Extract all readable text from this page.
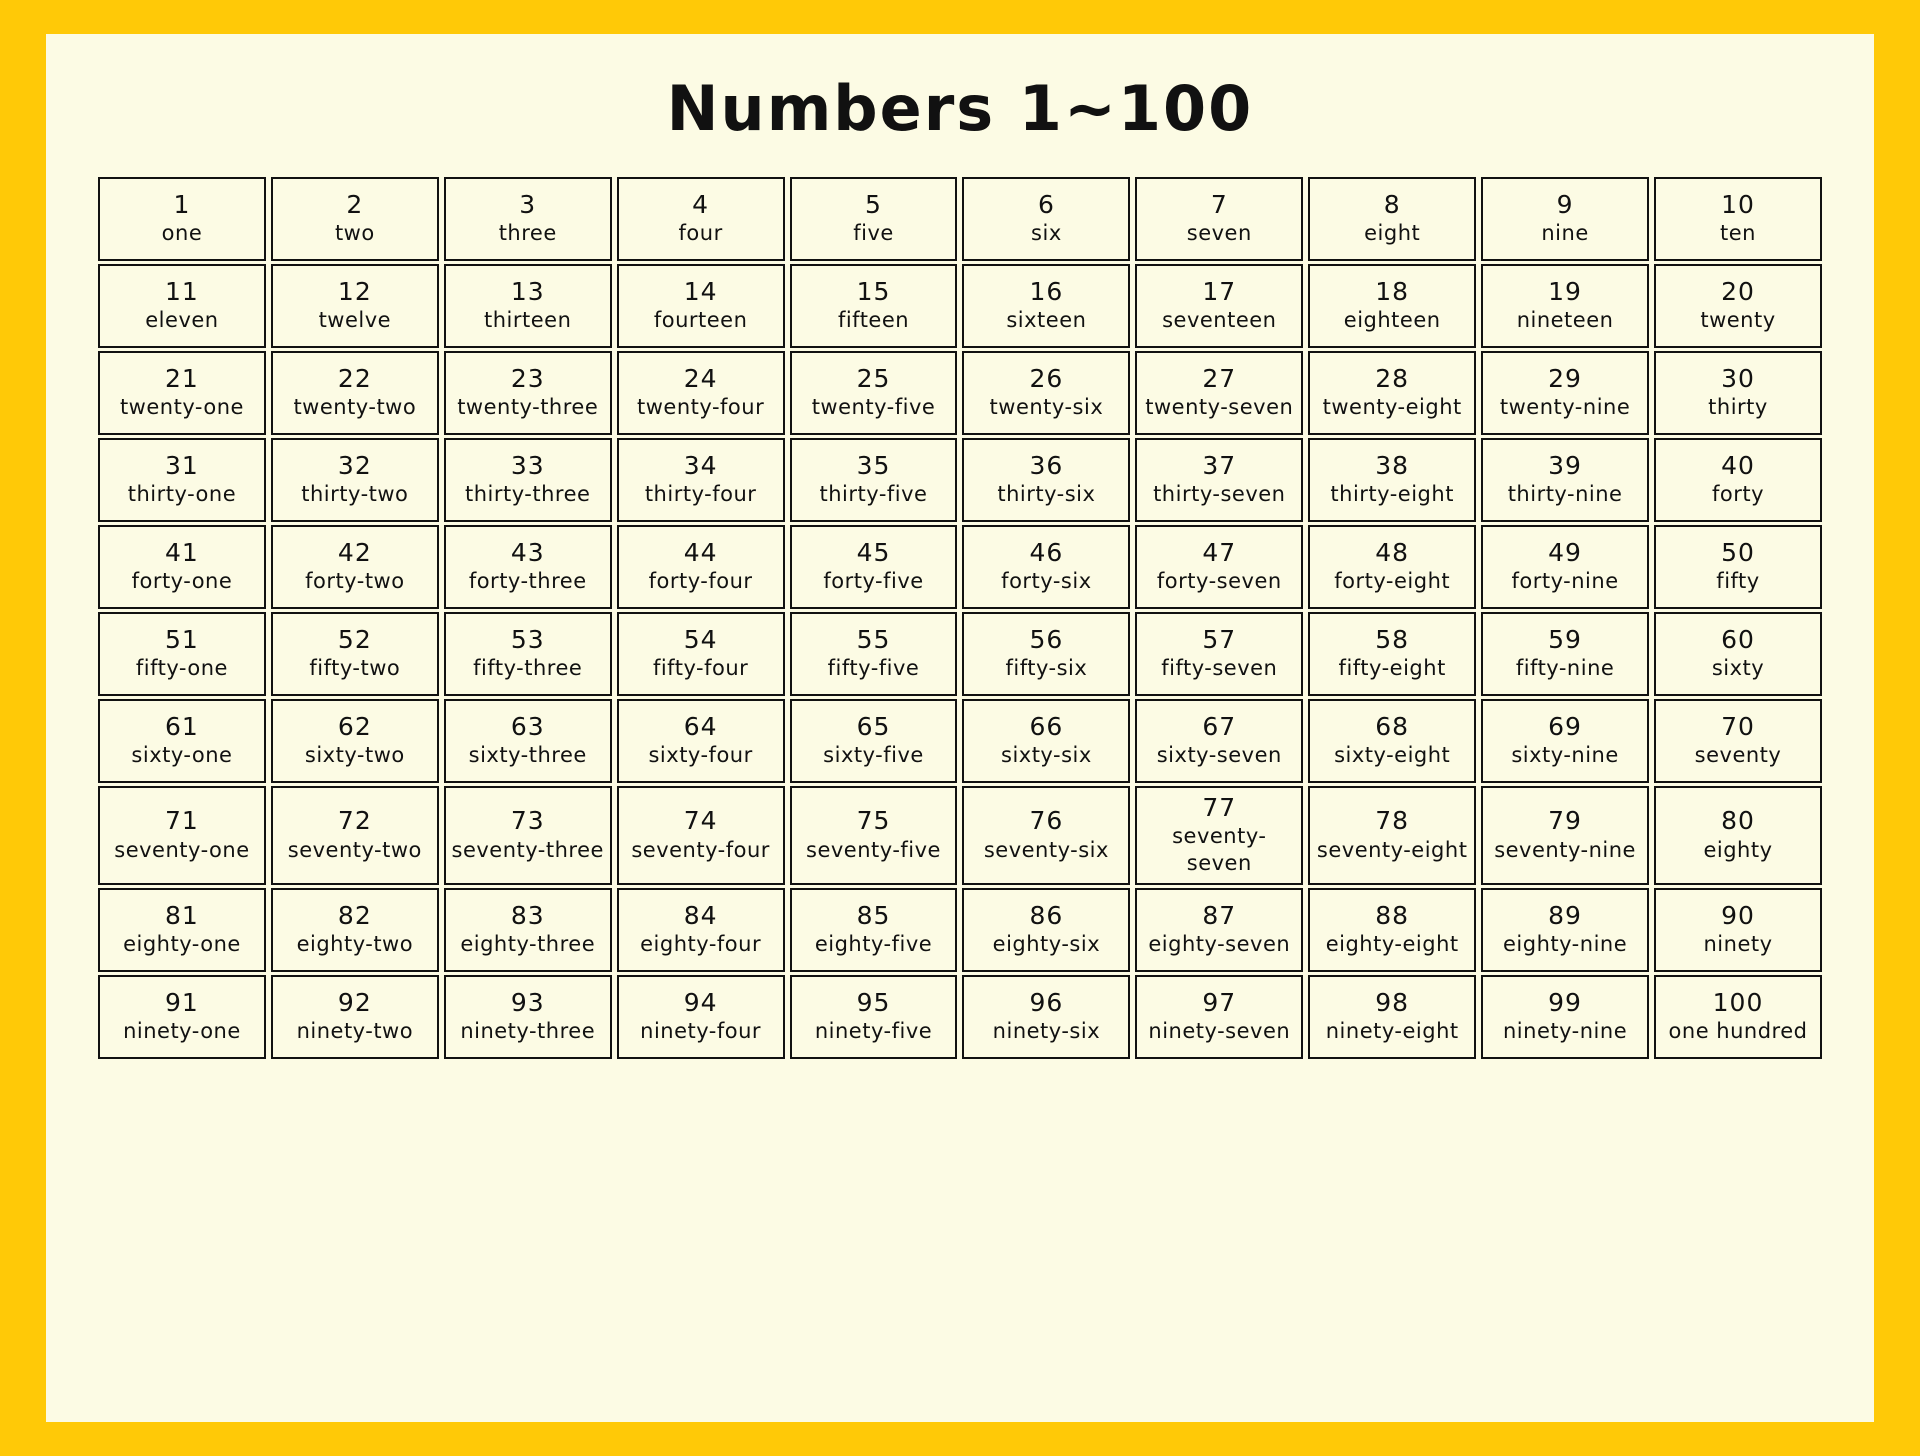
Numbers 1~100
1
one

2
two

3
three

4
four

5
five

6
six

7
seven

8
eight

9
nine

10
ten

11
eleven

12
twelve

13
thirteen

14
fourteen

15
fifteen

16
sixteen

17
seventeen

18
eighteen

19
nineteen

20
twenty

21
twenty-one

22
twenty-two

23
twenty-three

24
twenty-four

25
twenty-five

26
twenty-six

27
twenty-seven

28
twenty-eight

29
twenty-nine

30
thirty

31
thirty-one

32
thirty-two

33
thirty-three

34
thirty-four

35
thirty-five

36
thirty-six

37
thirty-seven

38
thirty-eight

39
thirty-nine

40
forty

41
forty-one

42
forty-two

43
forty-three

44
forty-four

45
forty-five

46
forty-six

47
forty-seven

48
forty-eight

49
forty-nine

50
fifty

51
fifty-one

52
fifty-two

53
fifty-three

54
fifty-four

55
fifty-five

56
fifty-six

57
fifty-seven

58
fifty-eight

59
fifty-nine

60
sixty

61
sixty-one

62
sixty-two

63
sixty-three

64
sixty-four

65
sixty-five

66
sixty-six

67
sixty-seven

68
sixty-eight

69
sixty-nine

70
seventy

71
seventy-one

72
seventy-two

73
seventy-three

74
seventy-four

75
seventy-five

76
seventy-six

77
seventy-seven

78
seventy-eight

79
seventy-nine

80
eighty

81
eighty-one

82
eighty-two

83
eighty-three

84
eighty-four

85
eighty-five

86
eighty-six

87
eighty-seven

88
eighty-eight

89
eighty-nine

90
ninety

91
ninety-one

92
ninety-two

93
ninety-three

94
ninety-four

95
ninety-five

96
ninety-six

97
ninety-seven

98
ninety-eight

99
ninety-nine

100
one hundred
